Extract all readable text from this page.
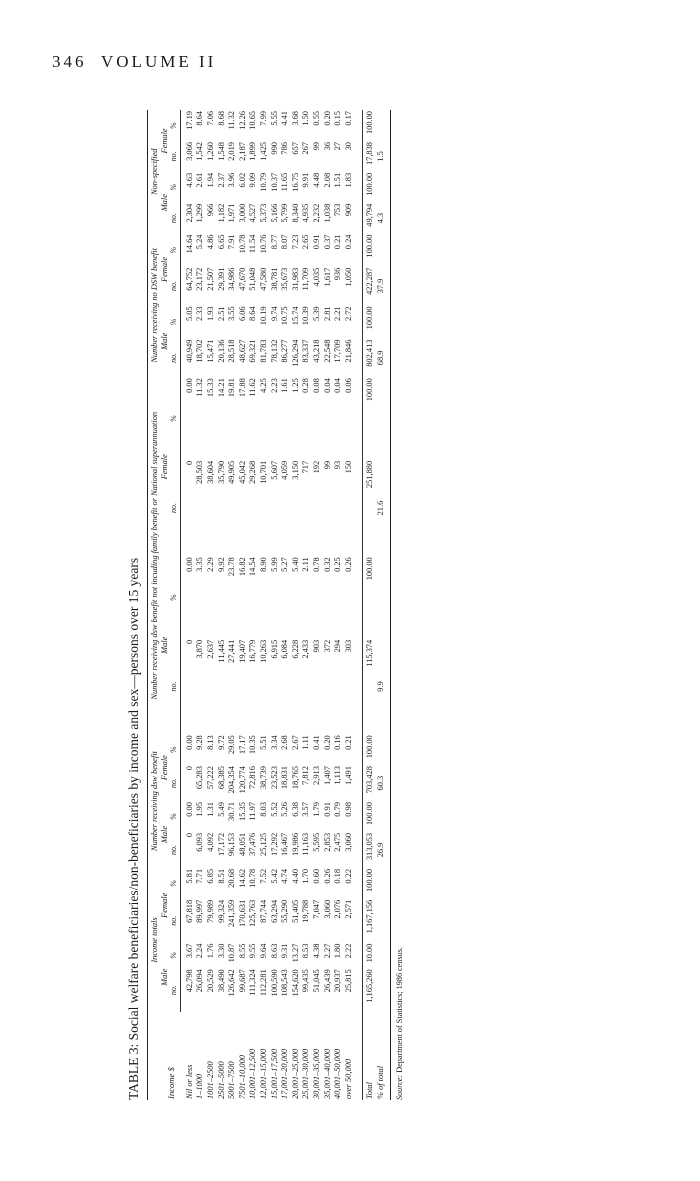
346 VOLUME II
TABLE 3: Social welfare beneficiaries/non-beneficiaries by income and sex—persons over 15 years	Income $	Income totals				Number receiving dsw benefit				Number receiving dsw benefit not incuding family benefit or National superannuation				Number receiving no DSW benefit				Non-specified			
	Male		Female		Male		Female		Male		Female		Male		Female		Male		Female	
	no.	%	no.	%	no.	%	no.	%	no.	%	no.	%	no.	%	no.	%	no.	%	no.	%
Nil or less	42,798	3.67	67,818	5.81	0	0.00	0	0.00	0	0.00	0	0.00	40,949	5.05	64,752	14.64	2,304	4.63	3,066	17.19
1–1000	26,094	2.24	89,997	7.71	6,093	1.95	65,283	9.28	3,870	3.35	28,503	11.32	18,702	2.33	23,172	5.24	1,299	2.61	1,542	8.64
1001–2500	20,529	1.76	79,989	6.85	4,092	1.31	57,222	8.13	2,637	2.29	38,604	15.33	15,471	1.93	21,507	4.86	966	1.94	1,260	7.06
2501–5000	38,490	3.30	99,324	8.51	17,172	5.49	68,385	9.72	11,445	9.92	35,790	14.21	20,136	2.51	29,391	6.65	1,182	2.37	1,548	8.68
5001–7500	126,642	10.87	241,359	20.68	96,153	30.71	204,354	29.05	27,441	23.78	49,905	19.81	28,518	3.55	34,986	7.91	1,971	3.96	2,019	11.32
7501–10,000	99,687	8.55	170,631	14.62	48,051	15.35	120,774	17.17	19,407	16.82	45,042	17.88	48,627	6.06	47,670	10.78	3,000	6.02	2,187	12.26
10,001–12,500	111,324	9.55	125,763	10.78	37,476	11.97	72,816	10.35	16,779	14.54	29,268	11.62	69,321	8.64	51,048	11.54	4,527	9.09	1,899	10.65
12,001–15,000	112,281	9.64	87,744	7.52	25,125	8.03	38,739	5.51	10,263	8.90	10,701	4.25	81,783	10.19	47,580	10.76	5,373	10.79	1,425	7.99
15,001–17,500	100,590	8.63	63,294	5.42	17,292	5.52	23,523	3.34	6,915	5.99	5,607	2.23	78,132	9.74	38,781	8.77	5,166	10.37	990	5.55
17,001–20,000	108,543	9.31	55,290	4.74	16,467	5.26	18,831	2.68	6,084	5.27	4,059	1.61	86,277	10.75	35,673	8.07	5,799	11.65	786	4.41
20,001–25,000	154,620	13.27	51,405	4.40	19,986	6.38	18,765	2.67	6,228	5.40	3,150	1.25	126,294	15.74	31,983	7.23	8,340	16.75	657	3.68
25,001–30,000	99,435	8.53	19,788	1.70	11,163	3.57	7,812	1.11	2,433	2.11	717	0.28	83,337	10.39	11,709	2.65	4,935	9.91	267	1.50
30,001–35,000	51,045	4.38	7,047	0.60	5,595	1.79	2,913	0.41	903	0.78	192	0.08	43,218	5.39	4,035	0.91	2,232	4.48	99	0.55
35,001–40,000	26,439	2.27	3,060	0.26	2,853	0.91	1,407	0.20	372	0.32	99	0.04	22,548	2.81	1,617	0.37	1,038	2.08	36	0.20
40,001–50,000	20,937	1.80	2,076	0.18	2,475	0.79	1,113	0.16	294	0.25	93	0.04	17,709	2.21	936	0.21	753	1.51	27	0.15
over 50,000	25,815	2.22	2,571	0.22	3,060	0.98	1,491	0.21	303	0.26	150	0.06	21,846	2.72	1,050	0.24	909	1.83	30	0.17

Total	1,165,260	10.00	1,167,156	100.00	313,053	100.00	703,428	100.00	115,374	100.00	251,880	100.00	802,413	100.00	422,287	100.00	49,794	100.00	17,838	100.00
% of total					26.9		60.3		9.9		21.6		68.9		37.9		4.3		1.5	
Source: Department of Statistics; 1986 census.
